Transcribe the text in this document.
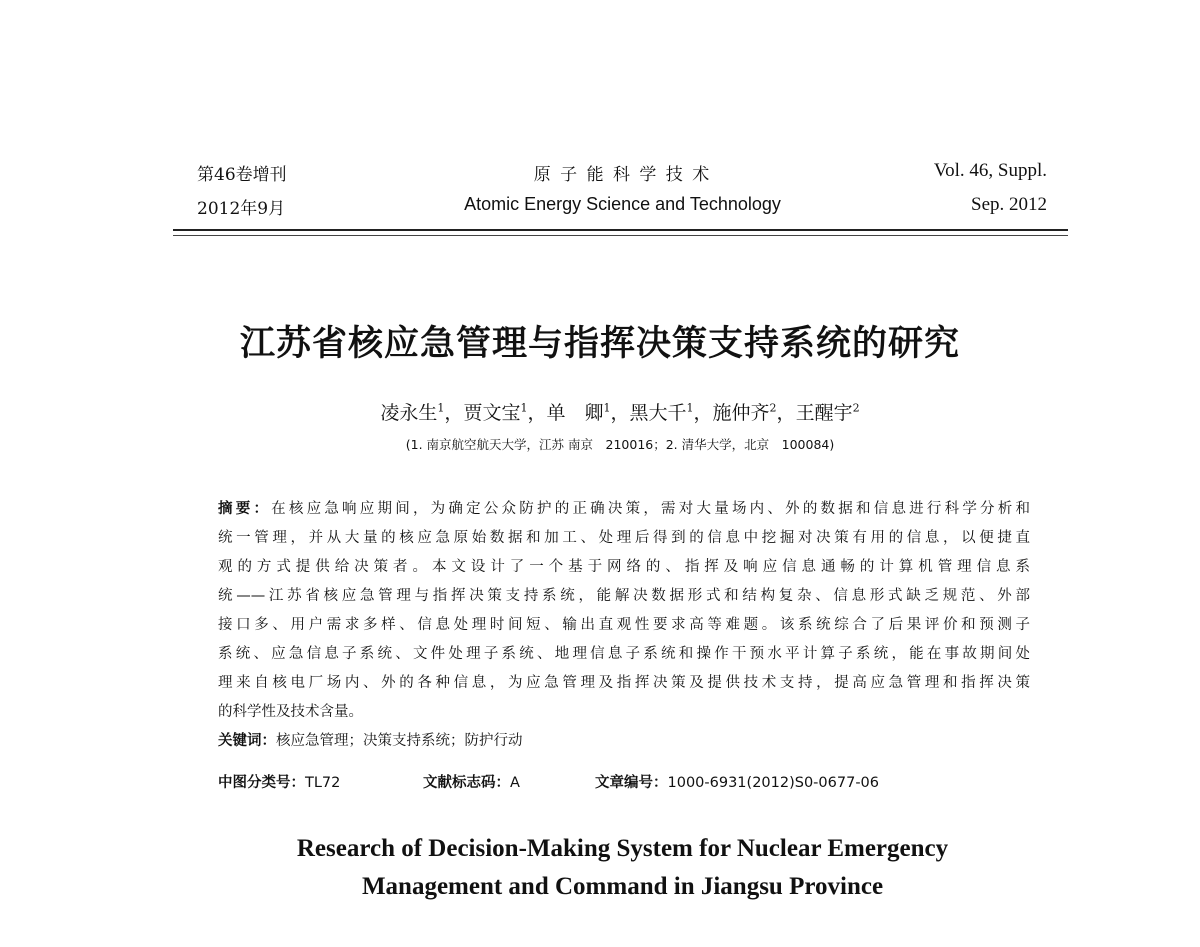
第46卷增刊
2012年9月
原 子 能 科 学 技 术
Atomic Energy Science and Technology
Vol. 46, Suppl.
Sep. 2012
江苏省核应急管理与指挥决策支持系统的研究
凌永生$^1$，贾文宝$^1$，单　卿$^1$，黑大千$^1$，施仲齐$^2$，王醒宇$^2$
(1. 南京航空航天大学，江苏 南京　210016；2. 清华大学，北京　100084)
摘要：在核应急响应期间，为确定公众防护的正确决策，需对大量场内、外的数据和信息进行科学分析和
统一管理，并从大量的核应急原始数据和加工、处理后得到的信息中挖掘对决策有用的信息，以便捷直
观的方式提供给决策者。本文设计了一个基于网络的、指挥及响应信息通畅的计算机管理信息系
统——江苏省核应急管理与指挥决策支持系统，能解决数据形式和结构复杂、信息形式缺乏规范、外部
接口多、用户需求多样、信息处理时间短、输出直观性要求高等难题。该系统综合了后果评价和预测子
系统、应急信息子系统、文件处理子系统、地理信息子系统和操作干预水平计算子系统，能在事故期间处
理来自核电厂场内、外的各种信息，为应急管理及指挥决策及提供技术支持，提高应急管理和指挥决策
的科学性及技术含量。
关键词：核应急管理；决策支持系统；防护行动
中图分类号：TL72	文献标志码：A	文章编号：1000-6931(2012)S0-0677-06
Research of Decision-Making System for Nuclear Emergency
Management and Command in Jiangsu Province
